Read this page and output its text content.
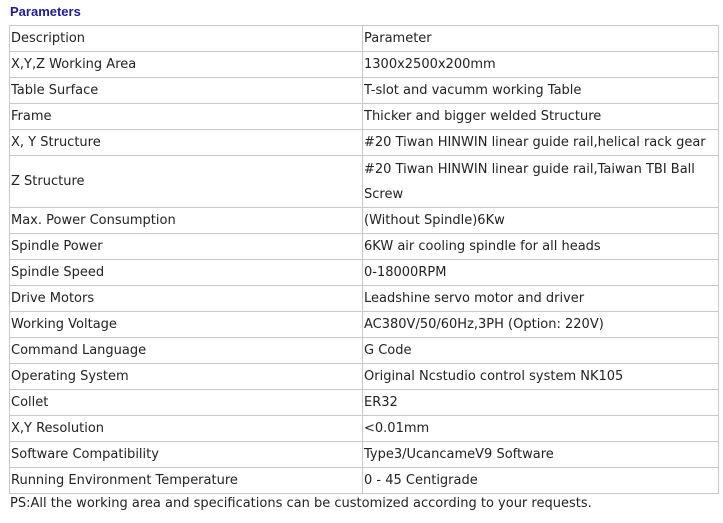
Parameters
Description	Parameter
X,Y,Z Working Area	1300x2500x200mm
Table Surface	T-slot and vacumm working Table
Frame	Thicker and bigger welded Structure
X, Y Structure	#20 Tiwan HINWIN linear guide rail,helical rack gear
Z Structure	#20 Tiwan HINWIN linear guide rail,Taiwan TBI Ball Screw
Max. Power Consumption	(Without Spindle)6Kw
Spindle Power	6KW air cooling spindle for all heads
Spindle Speed	0-18000RPM
Drive Motors	Leadshine servo motor and driver
Working Voltage	AC380V/50/60Hz,3PH (Option: 220V)
Command Language	G Code
Operating System	Original Ncstudio control system NK105
Collet	ER32
X,Y Resolution	<0.01mm
Software Compatibility	Type3/UcancameV9 Software
Running Environment Temperature	0 - 45 Centigrade
PS:All the working area and specifications can be customized according to your requests.
